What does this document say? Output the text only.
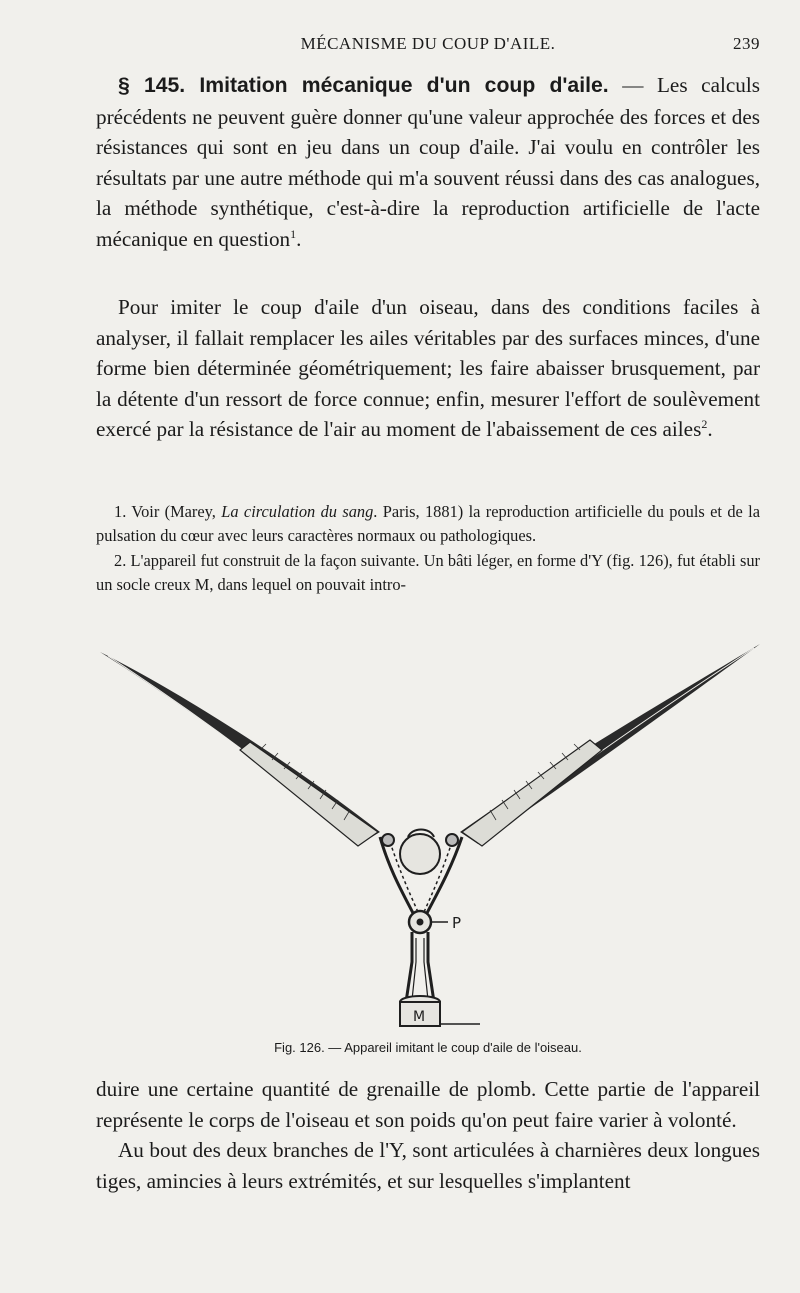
MÉCANISME DU COUP D'AILE.	239

§ 145. Imitation mécanique d'un coup d'aile. — Les calculs précédents ne peuvent guère donner qu'une valeur approchée des forces et des résistances qui sont en jeu dans un coup d'aile. J'ai voulu en contrôler les résultats par une autre méthode qui m'a souvent réussi dans des cas analogues, la méthode synthétique, c'est-à-dire la reproduction artificielle de l'acte mécanique en question$^1$.

Pour imiter le coup d'aile d'un oiseau, dans des conditions faciles à analyser, il fallait remplacer les ailes véritables par des surfaces minces, d'une forme bien déterminée géométriquement; les faire abaisser brusquement, par la détente d'un ressort de force connue; enfin, mesurer l'effort de soulèvement exercé par la résistance de l'air au moment de l'abaissement de ces ailes$^2$.

1. Voir (Marey, La circulation du sang. Paris, 1881) la reproduction artificielle du pouls et de la pulsation du cœur avec leurs caractères normaux ou pathologiques.

2. L'appareil fut construit de la façon suivante. Un bâti léger, en forme d'Y (fig. 126), fut établi sur un socle creux M, dans lequel on pouvait intro-

P
M
Fig. 126. — Appareil imitant le coup d'aile de l'oiseau.

duire une certaine quantité de grenaille de plomb. Cette partie de l'appareil représente le corps de l'oiseau et son poids qu'on peut faire varier à volonté.

Au bout des deux branches de l'Y, sont articulées à charnières deux longues tiges, amincies à leurs extrémités, et sur lesquelles s'implantent
